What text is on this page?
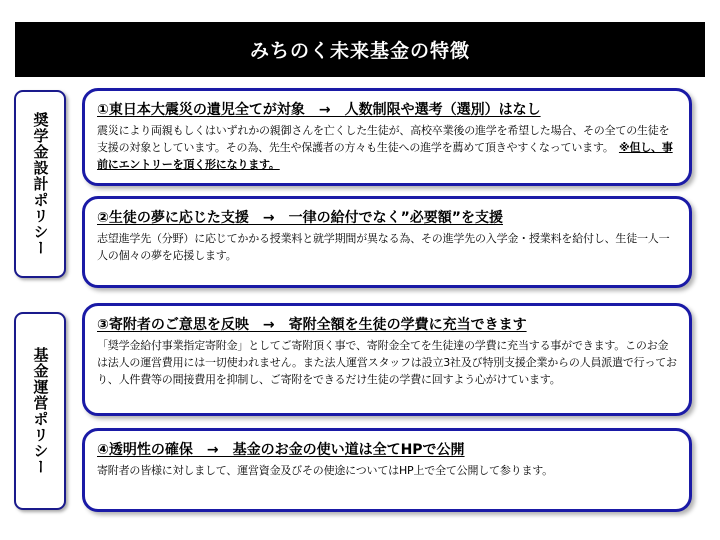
みちのく未来基金の特徴
奨学金設計ポリシー
基金運営ポリシー
①東日本大震災の遺児全てが対象　→　人数制限や選考（選別）はなし

震災により両親もしくはいずれかの親御さんを亡くした生徒が、高校卒業後の進学を希望した場合、その全ての生徒を支援の対象としています。その為、先生や保護者の方々も生徒への進学を薦めて頂きやすくなっています。　 ※但し、事前にエントリーを頂く形になります。

②生徒の夢に応じた支援　→　一律の給付でなく”必要額”を支援

志望進学先（分野）に応じてかかる授業料と就学期間が異なる為、その進学先の入学金・授業料を給付し、生徒一人一人の個々の夢を応援します。

③寄附者のご意思を反映　→　寄附全額を生徒の学費に充当できます

「奨学金給付事業指定寄附金」としてご寄附頂く事で、寄附金全てを生徒達の学費に充当する事ができます。このお金は法人の運営費用には一切使われません。また法人運営スタッフは設立3社及び特別支援企業からの人員派遣で行っており、人件費等の間接費用を抑制し、ご寄附をできるだけ生徒の学費に回すよう心がけています。

④透明性の確保　→　基金のお金の使い道は全てHPで公開

寄附者の皆様に対しまして、運営資金及びその使途についてはHP上で全て公開して参ります。
